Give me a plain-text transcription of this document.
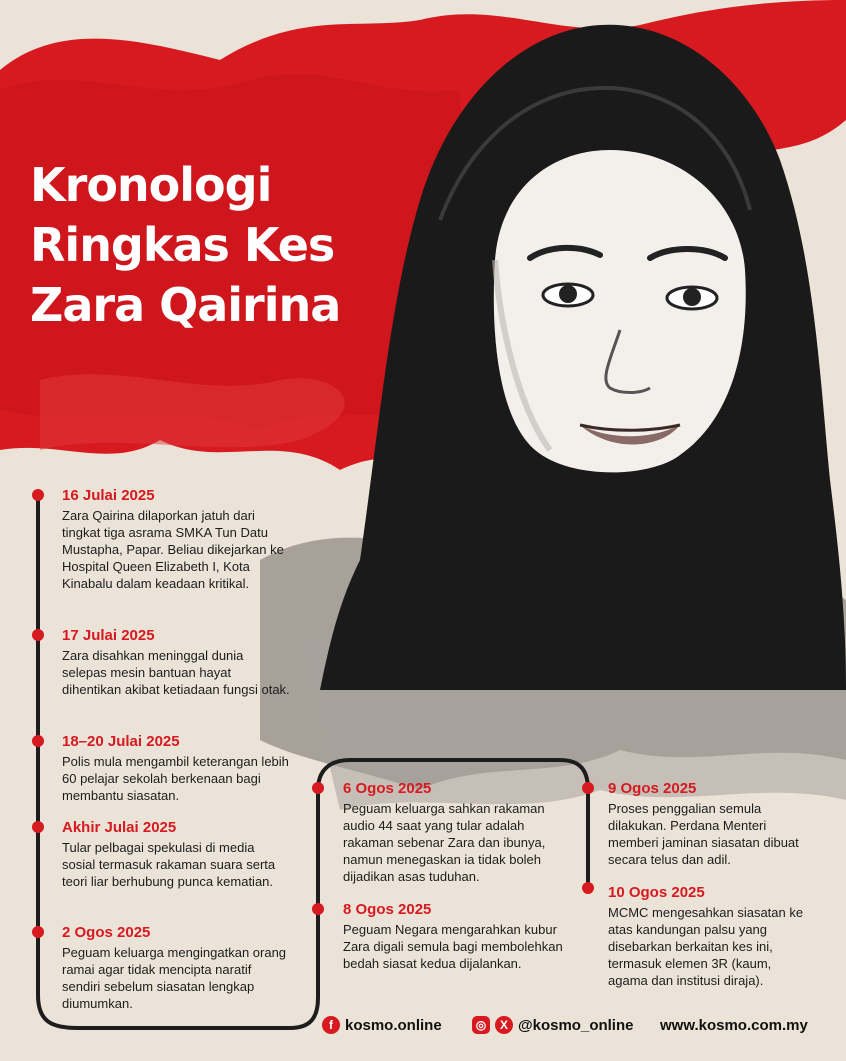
Kronologi
Ringkas Kes
Zara Qairina
16 Julai 2025
Zara Qairina dilaporkan jatuh dari tingkat tiga asrama SMKA Tun Datu Mustapha, Papar. Beliau dikejarkan ke Hospital Queen Elizabeth I, Kota Kinabalu dalam keadaan kritikal.
17 Julai 2025
Zara disahkan meninggal dunia selepas mesin bantuan hayat dihentikan akibat ketiadaan fungsi otak.
18–20 Julai 2025
Polis mula mengambil keterangan lebih 60 pelajar sekolah berkenaan bagi membantu siasatan.
Akhir Julai 2025
Tular pelbagai spekulasi di media sosial termasuk rakaman suara serta teori liar berhubung punca kematian.
2 Ogos 2025
Peguam keluarga mengingatkan orang ramai agar tidak mencipta naratif sendiri sebelum siasatan lengkap diumumkan.
6 Ogos 2025
Peguam keluarga sahkan rakaman audio 44 saat yang tular adalah rakaman sebenar Zara dan ibunya, namun menegaskan ia tidak boleh dijadikan asas tuduhan.
8 Ogos 2025
Peguam Negara mengarahkan kubur Zara digali semula bagi membolehkan bedah siasat kedua dijalankan.
9 Ogos 2025
Proses penggalian semula dilakukan. Perdana Menteri memberi jaminan siasatan dibuat secara telus dan adil.
10 Ogos 2025
MCMC mengesahkan siasatan ke atas kandungan palsu yang disebarkan berkaitan kes ini, termasuk elemen 3R (kaum, agama dan institusi diraja).
f kosmo.online	◎	X @kosmo_online www.kosmo.com.my
